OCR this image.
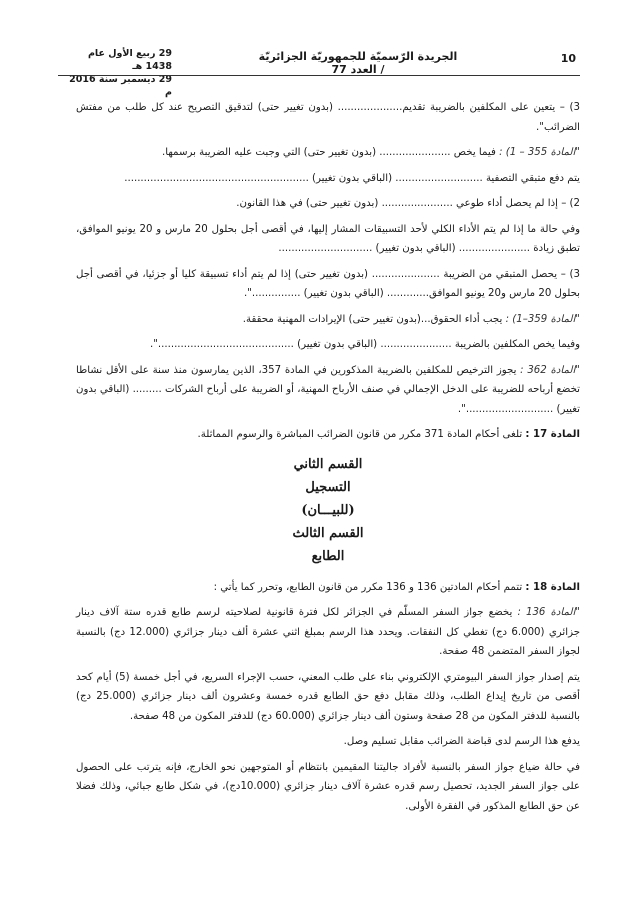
10
الجريدة الرّسميّة للجمهوريّة الجزائريّة / العدد 77
29 ربيع الأول عام 1438 هـ
29 ديسمبر سنة 2016 م

3) – يتعين على المكلفين بالضريبة تقديم.................... (بدون تغيير حتى) لتدقيق التصريح عند كل طلب من مفتش الضرائب".

"المادة 355 – 1) : فيما يخص ...................... (بدون تغيير حتى) التي وجبت عليه الضريبة برسمها.

يتم دفع متبقي التصفية ........................... (الباقي بدون تغيير) .........................................................

2) – إذا لم يحصل أداء طوعي ...................... (بدون تغيير حتى) في هذا القانون.

وفي حالة ما إذا لم يتم الأداء الكلي لأحد التسبيقات المشار إليها، في أقصى أجل بحلول 20 مارس و 20 يونيو الموافق، تطبق زيادة ...................... (الباقي بدون تغيير) .............................

3) – يحصل المتبقي من الضريبة ..................... (بدون تغيير حتى) إذا لم يتم أداء تسبيقة كليا أو جزئيا، في أقصى أجل بحلول 20 مارس و20 يونيو الموافق............. (الباقي بدون تغيير) ...............".

"المادة 359–1) : يجب أداء الحقوق...(بدون تغيير حتى) الإيرادات المهنية محققة.

وفيما يخص المكلفين بالضريبة ...................... (الباقي بدون تغيير) ..........................................".

"المادة 362 : يجوز الترخيص للمكلفين بالضريبة المذكورين في المادة 357، الذين يمارسون منذ سنة على الأقل نشاطا تخضع أرباحه للضريبة على الدخل الإجمالي في صنف الأرباح المهنية، أو الضريبة على أرباح الشركات ......... (الباقي بدون تغيير) ...........................".

المادة 17 : تلغى أحكام المادة 371 مكرر من قانون الضرائب المباشرة والرسوم المماثلة.

القسم الثاني
التسجيل
(للبيـــان)
القسم الثالث
الطابع

المادة 18 : تتمم أحكام المادتين 136 و 136 مكرر من قانون الطابع، وتحرر كما يأتي :

"المادة 136 : يخضع جواز السفر المسلّم في الجزائر لكل فترة قانونية لصلاحيته لرسم طابع قدره ستة آلاف دينار جزائري (6.000 دج) تغطي كل النفقات. ويحدد هذا الرسم بمبلغ اثني عشرة ألف دينار جزائري (12.000 دج) بالنسبة لجواز السفر المتضمن 48 صفحة.

يتم إصدار جواز السفر البيومتري الإلكتروني بناء على طلب المعني، حسب الإجراء السريع، في أجل خمسة (5) أيام كحد أقصى من تاريخ إيداع الطلب، وذلك مقابل دفع حق الطابع قدره خمسة وعشرون ألف دينار جزائري (25.000 دج) بالنسبة للدفتر المكون من 28 صفحة وستون ألف دينار جزائري (60.000 دج) للدفتر المكون من 48 صفحة.

يدفع هذا الرسم لدى قباضة الضرائب مقابل تسليم وصل.

في حالة ضياع جواز السفر بالنسبة لأفراد جاليتنا المقيمين بانتظام أو المتوجهين نحو الخارج، فإنه يترتب على الحصول على جواز السفر الجديد، تحصيل رسم قدره عشرة آلاف دينار جزائري (10.000دج)، في شكل طابع جبائي، وذلك فضلا عن حق الطابع المذكور في الفقرة الأولى.
